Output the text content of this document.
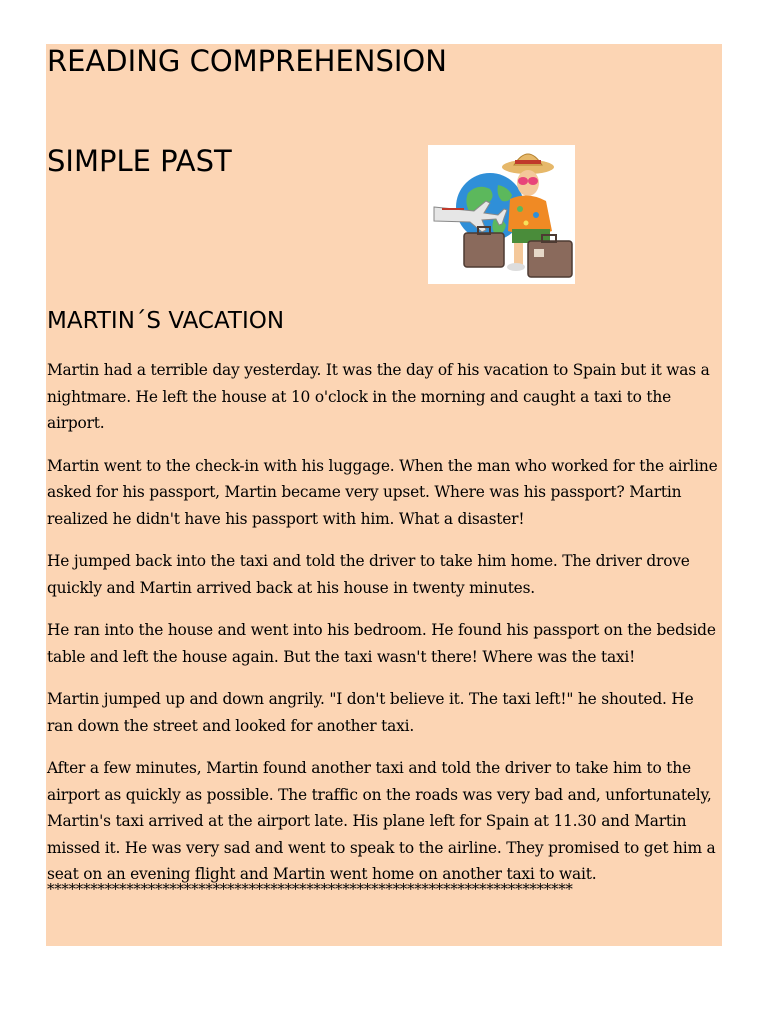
READING COMPREHENSION
SIMPLE PAST
MARTIN´S VACATION

Martin had a terrible day yesterday. It was the day of his vacation to Spain but it was a nightmare. He left the house at 10 o'clock in the morning and caught a taxi to the airport.

Martin went to the check-in with his luggage. When the man who worked for the airline asked for his passport, Martin became very upset. Where was his passport? Martin realized he didn't have his passport with him. What a disaster!

He jumped back into the taxi and told the driver to take him home. The driver drove quickly and Martin arrived back at his house in twenty minutes.

He ran into the house and went into his bedroom. He found his passport on the bedside table and left the house again. But the taxi wasn't there! Where was the taxi!

Martin jumped up and down angrily. "I don't believe it. The taxi left!" he shouted. He ran down the street and looked for another taxi.

After a few minutes, Martin found another taxi and told the driver to take him to the airport as quickly as possible. The traffic on the roads was very bad and, unfortunately, Martin's taxi arrived at the airport late. His plane left for Spain at 11.30 and Martin missed it. He was very sad and went to speak to the airline. They promised to get him a seat on an evening flight and Martin went home on another taxi to wait.

*************************************************************************
